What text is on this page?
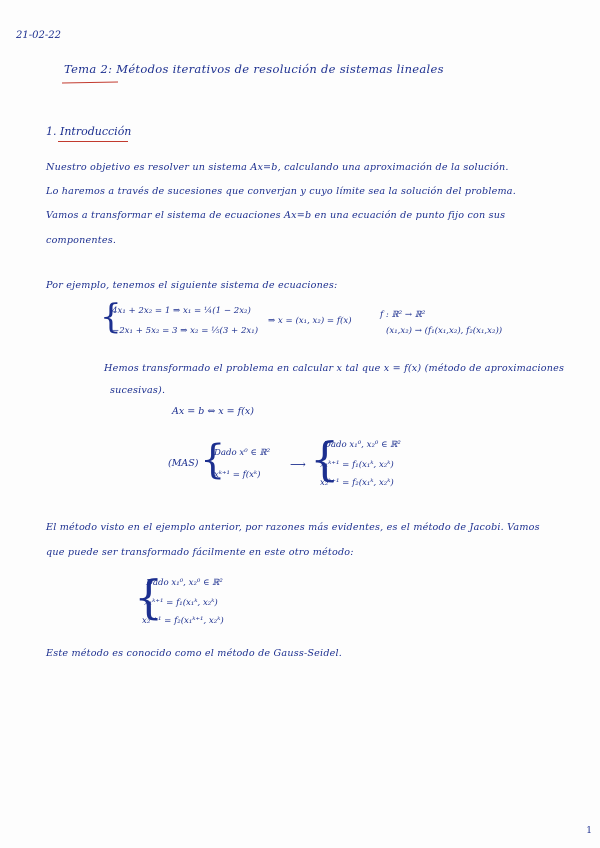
21-02-22
Tema 2: Métodos iterativos de resolución de sistemas lineales
1. Introducción
Nuestro objetivo es resolver un sistema Ax=b, calculando una aproximación de la solución.
Lo haremos a través de sucesiones que converjan y cuyo límite sea la solución del problema.
Vamos a transformar el sistema de ecuaciones Ax=b en una ecuación de punto fijo con sus
componentes.
Por ejemplo, tenemos el siguiente sistema de ecuaciones:
{
4x₁ + 2x₂ = 1 ⇒ x₁ = ¼(1 − 2x₂)
−2x₁ + 5x₂ = 3 ⇒ x₂ = ⅕(3 + 2x₁)
⇒ x = (x₁, x₂) = f(x)
f : ℝ² → ℝ²
(x₁,x₂) → (f₁(x₁,x₂), f₂(x₁,x₂))
Hemos transformado el problema en calcular x tal que x = f(x) (método de aproximaciones
sucesivas).
Ax = b ⇔ x = f(x)
(MAS) {
Dado x⁰ ∈ ℝ²
xᵏ⁺¹ = f(xᵏ)
⟶ {
Dado x₁⁰, x₂⁰ ∈ ℝ²
x₁ᵏ⁺¹ = f₁(x₁ᵏ, x₂ᵏ)
x₂ᵏ⁺¹ = f₂(x₁ᵏ, x₂ᵏ)
El método visto en el ejemplo anterior, por razones más evidentes, es el método de Jacobi. Vamos
que puede ser transformado fácilmente en este otro método:
{
Dado x₁⁰, x₂⁰ ∈ ℝ²
x₁ᵏ⁺¹ = f₁(x₁ᵏ, x₂ᵏ)
x₂ᵏ⁺¹ = f₂(x₁ᵏ⁺¹, x₂ᵏ)
Este método es conocido como el método de Gauss-Seidel.
1
